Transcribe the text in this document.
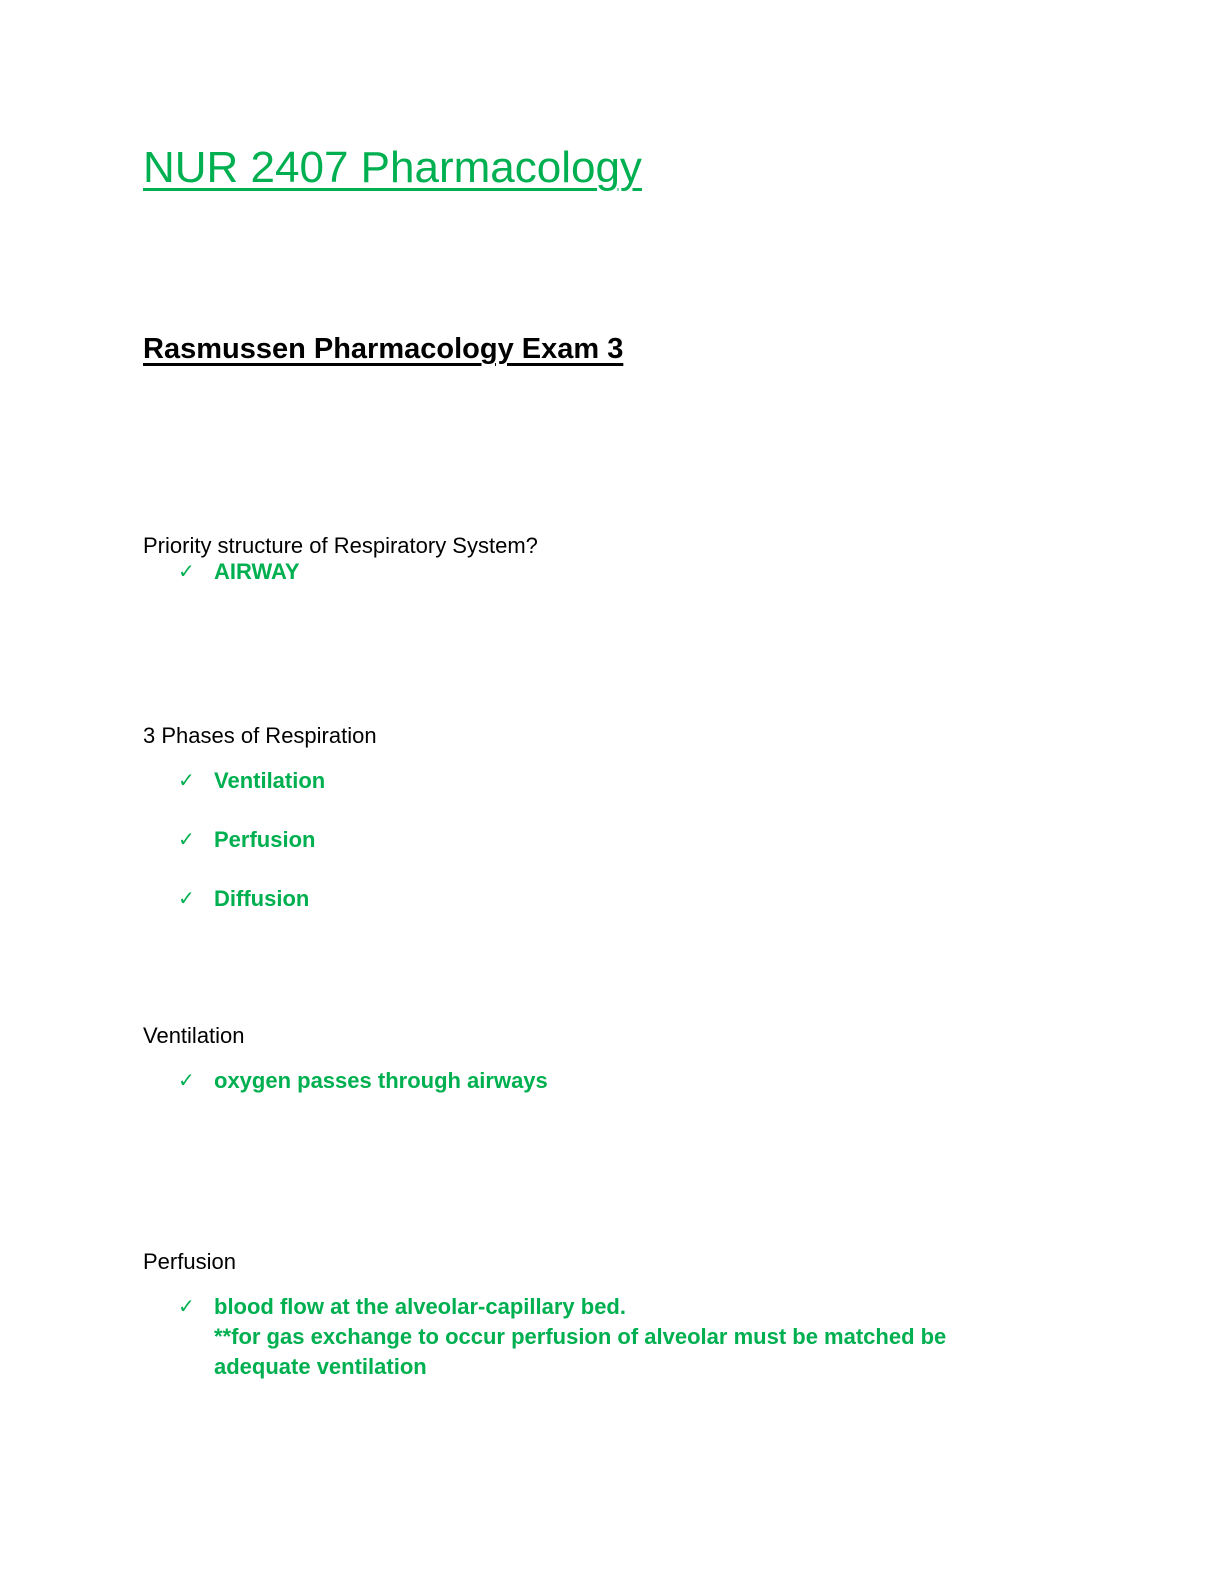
NUR 2407 Pharmacology
Rasmussen Pharmacology Exam 3
Priority structure of Respiratory System?
✓ AIRWAY
3 Phases of Respiration
✓ Ventilation
✓ Perfusion
✓ Diffusion
Ventilation
✓ oxygen passes through airways
Perfusion
✓ blood flow at the alveolar-capillary bed.
**for gas exchange to occur perfusion of alveolar must be matched be
adequate ventilation
